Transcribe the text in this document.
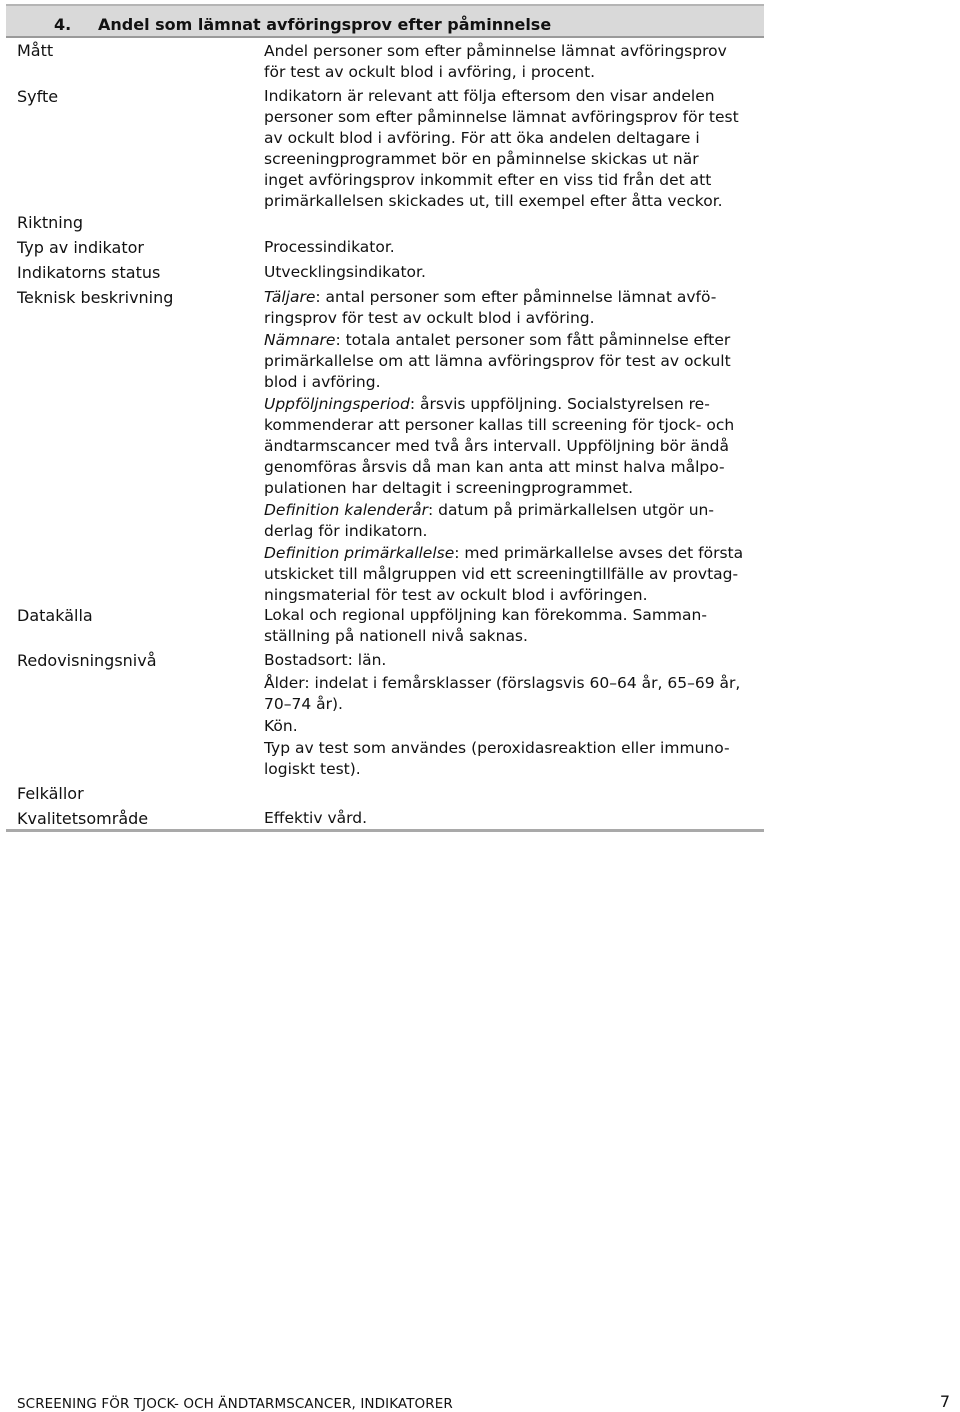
4. Andel som lämnat avföringsprov efter påminnelse
Mått	Andel personer som efter påminnelse lämnat avföringsprov
för test av ockult blod i avföring, i procent.
Syfte	Indikatorn är relevant att följa eftersom den visar andelen
personer som efter påminnelse lämnat avföringsprov för test
av ockult blod i avföring. För att öka andelen deltagare i
screeningprogrammet bör en påminnelse skickas ut när
inget avföringsprov inkommit efter en viss tid från det att
primärkallelsen skickades ut, till exempel efter åtta veckor.
Riktning
Typ av indikator	Processindikator.
Indikatorns status	Utvecklingsindikator.
Teknisk beskrivning	Täljare: antal personer som efter påminnelse lämnat avfö-
ringsprov för test av ockult blod i avföring.

Nämnare: totala antalet personer som fått påminnelse efter
primärkallelse om att lämna avföringsprov för test av ockult
blod i avföring.

Uppföljningsperiod: årsvis uppföljning. Socialstyrelsen re-
kommenderar att personer kallas till screening för tjock- och
ändtarmscancer med två års intervall. Uppföljning bör ändå
genomföras årsvis då man kan anta att minst halva målpo-
pulationen har deltagit i screeningprogrammet.

Definition kalenderår: datum på primärkallelsen utgör un-
derlag för indikatorn.

Definition primärkallelse: med primärkallelse avses det första
utskicket till målgruppen vid ett screeningtillfälle av provtag-
ningsmaterial för test av ockult blod i avföringen.

Datakälla	Lokal och regional uppföljning kan förekomma. Samman-
ställning på nationell nivå saknas.
Redovisningsnivå	Bostadsort: län.

Ålder: indelat i femårsklasser (förslagsvis 60–64 år, 65–69 år,
70–74 år).

Kön.

Typ av test som användes (peroxidasreaktion eller immuno-
logiskt test).

Felkällor
Kvalitetsområde	Effektiv vård.
SCREENING FÖR TJOCK- OCH ÄNDTARMSCANCER, INDIKATORER	7
